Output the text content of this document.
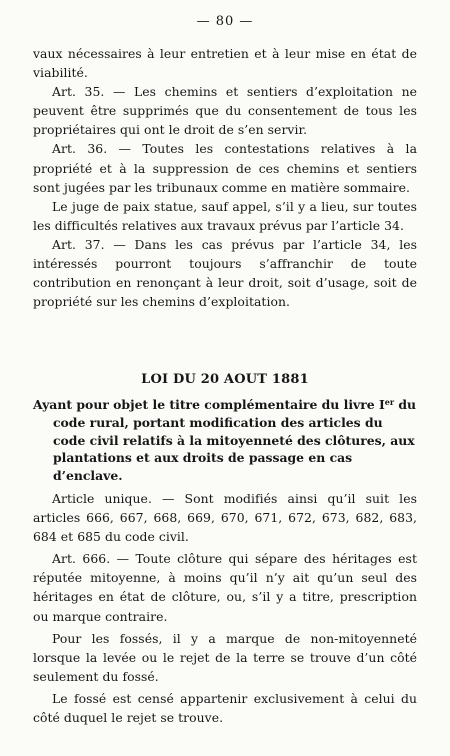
— 80 —

vaux nécessaires à leur entretien et à leur mise en état de viabilité.

Art. 35. — Les chemins et sentiers d’exploitation ne peuvent être supprimés que du consentement de tous les propriétaires qui ont le droit de s’en servir.

Art. 36. — Toutes les contestations relatives à la propriété et à la suppression de ces chemins et sentiers sont jugées par les tribunaux comme en matière sommaire.

Le juge de paix statue, sauf appel, s’il y a lieu, sur toutes les difficultés relatives aux travaux prévus par l’article 34.

Art. 37. — Dans les cas prévus par l’article 34, les intéressés pourront toujours s’affranchir de toute contribution en renonçant à leur droit, soit d’usage, soit de propriété sur les chemins d’exploitation.

LOI DU 20 AOUT 1881
Ayant pour objet le titre complémentaire du livre Ier du code rural, portant modification des articles du code civil relatifs à la mitoyenneté des clôtures, aux plantations et aux droits de passage en cas d’enclave.

Article unique. — Sont modifiés ainsi qu’il suit les articles 666, 667, 668, 669, 670, 671, 672, 673, 682, 683, 684 et 685 du code civil.

Art. 666. — Toute clôture qui sépare des héritages est réputée mitoyenne, à moins qu’il n’y ait qu’un seul des héritages en état de clôture, ou, s’il y a titre, prescription ou marque contraire.

Pour les fossés, il y a marque de non-mitoyenneté lorsque la levée ou le rejet de la terre se trouve d’un côté seulement du fossé.

Le fossé est censé appartenir exclusivement à celui du côté duquel le rejet se trouve.
